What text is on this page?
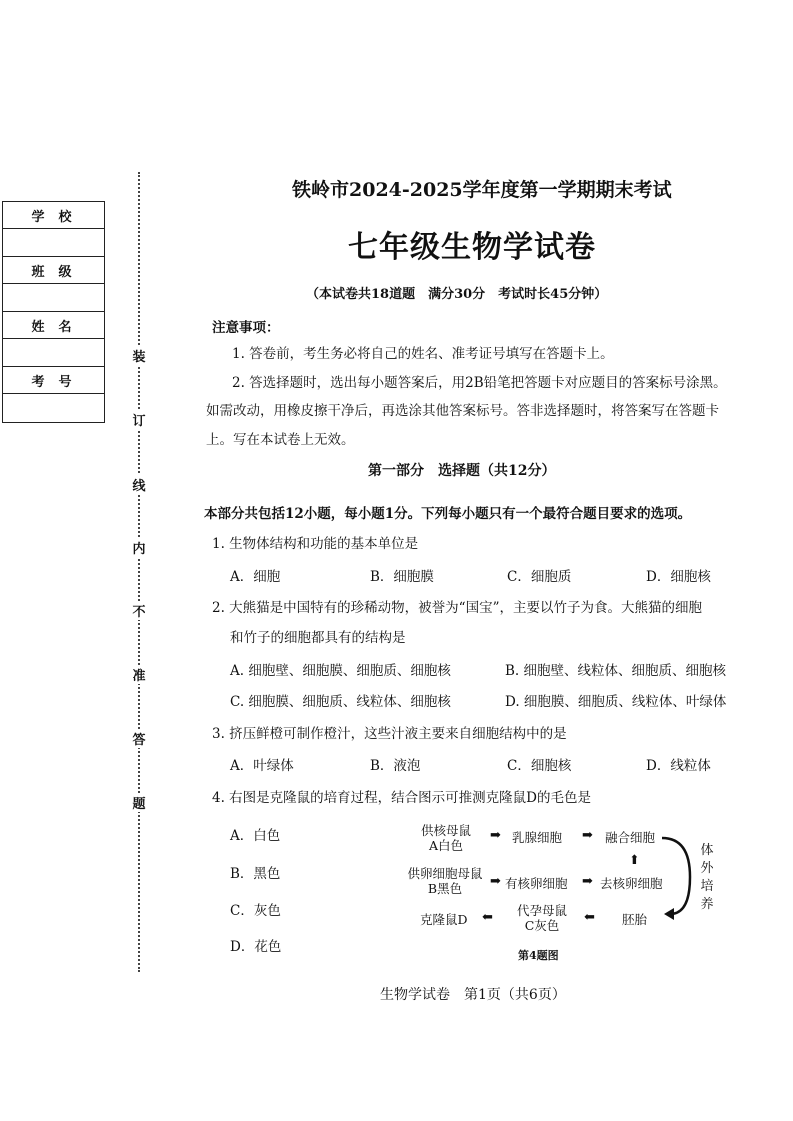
学校
班级
姓名
考号
装
订
线
内
不
准
答
题
铁岭市2024-2025学年度第一学期期末考试
七年级生物学试卷
（本试卷共18道题　满分30分　考试时长45分钟）
注意事项：
1. 答卷前，考生务必将自己的姓名、准考证号填写在答题卡上。
2. 答选择题时，选出每小题答案后，用2B铅笔把答题卡对应题目的答案标号涂黑。
如需改动，用橡皮擦干净后，再选涂其他答案标号。答非选择题时，将答案写在答题卡
上。写在本试卷上无效。
第一部分　选择题（共12分）
本部分共包括12小题，每小题1分。下列每小题只有一个最符合题目要求的选项。
1. 生物体结构和功能的基本单位是
A．细胞	B．细胞膜	C．细胞质	D．细胞核
2. 大熊猫是中国特有的珍稀动物，被誉为“国宝”，主要以竹子为食。大熊猫的细胞
和竹子的细胞都具有的结构是
A. 细胞壁、细胞膜、细胞质、细胞核	B. 细胞壁、线粒体、细胞质、细胞核
C. 细胞膜、细胞质、线粒体、细胞核	D. 细胞膜、细胞质、线粒体、叶绿体
3. 挤压鲜橙可制作橙汁，这些汁液主要来自细胞结构中的是
A．叶绿体	B．液泡	C．细胞核	D．线粒体
4. 右图是克隆鼠的培育过程，结合图示可推测克隆鼠D的毛色是
A．白色
B．黑色
C．灰色
D．花色
供核母鼠
A白色
➡ 乳腺细胞 ➡ 融合细胞
供卵细胞母鼠
B黑色	➡ 有核卵细胞 ➡ 去核卵细胞
⬆
克隆鼠D ⬅	代孕母鼠
C灰色
⬅ 胚胎
体外培养
第4题图
生物学试卷　第1页（共6页）
